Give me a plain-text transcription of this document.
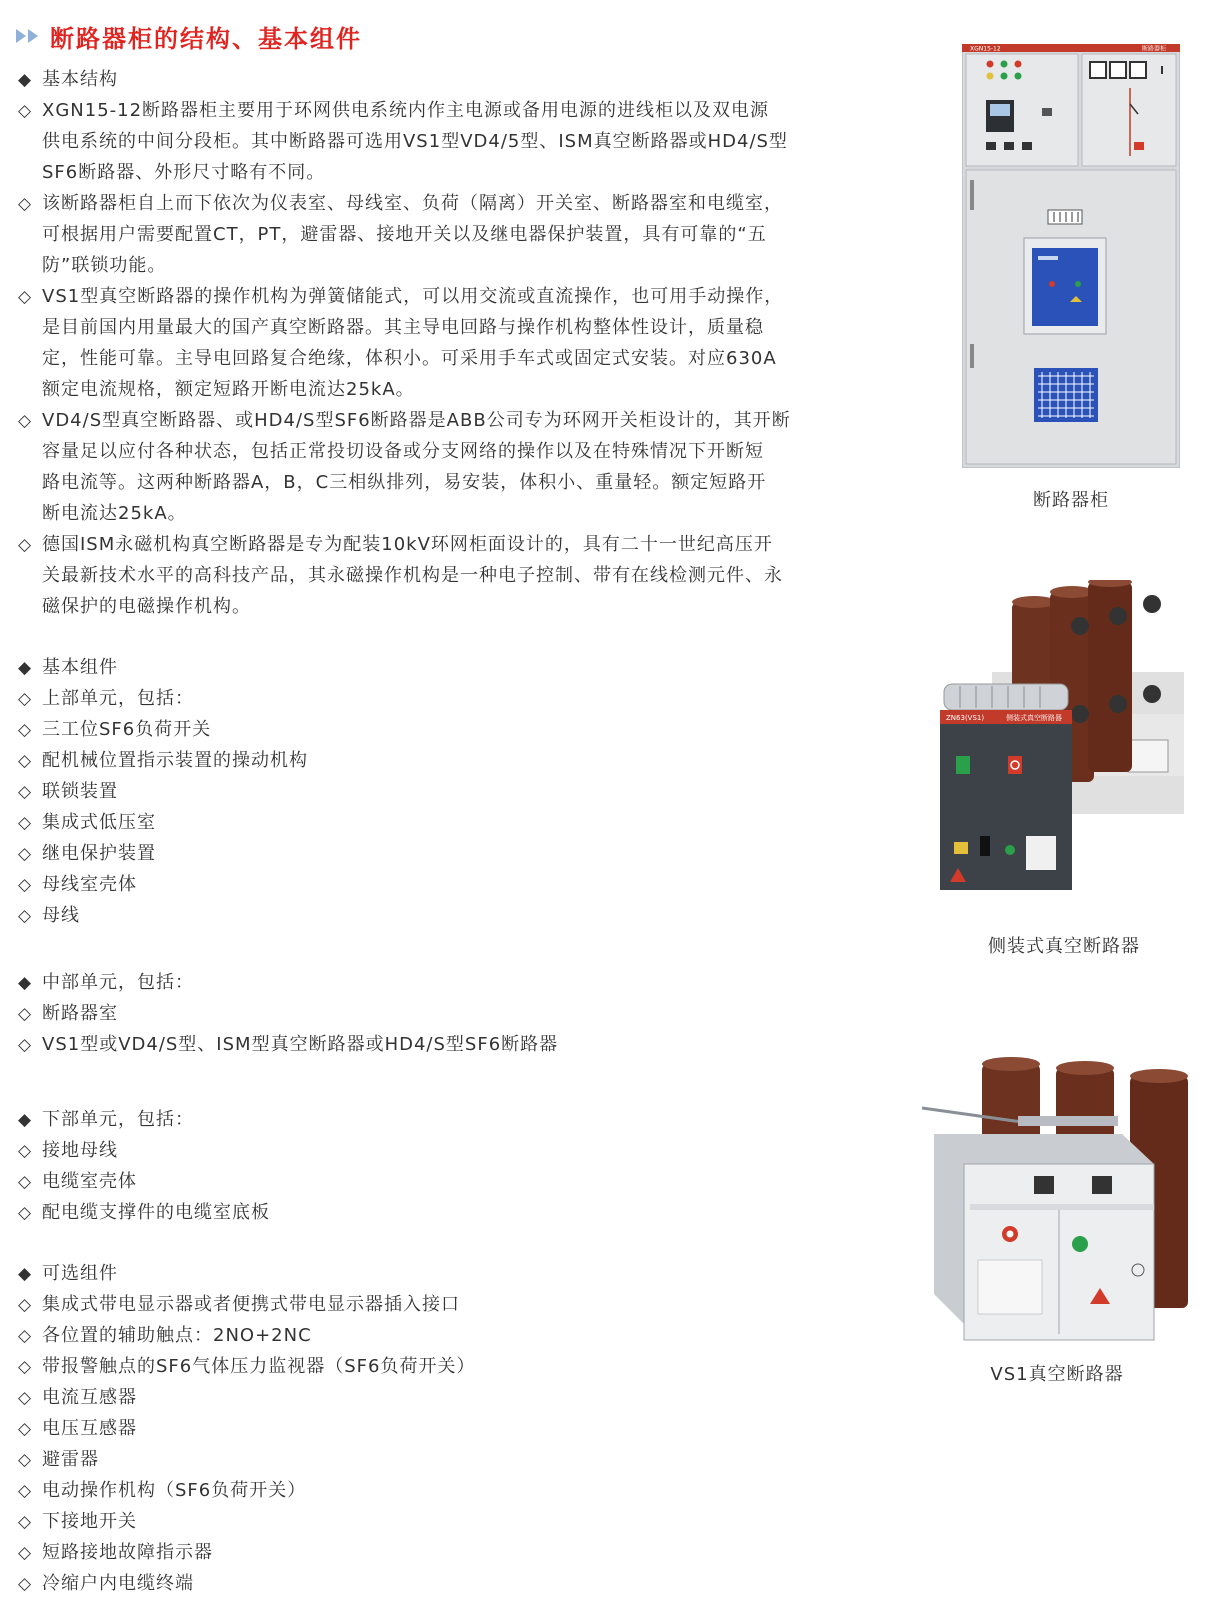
断路器柜的结构、基本组件
◆ 基本结构
◇ XGN15-12断路器柜主要用于环网供电系统内作主电源或备用电源的进线柜以及双电源
供电系统的中间分段柜。其中断路器可选用VS1型VD4/5型、ISM真空断路器或HD4/S型
SF6断路器、外形尺寸略有不同。
◇ 该断路器柜自上而下依次为仪表室、母线室、负荷（隔离）开关室、断路器室和电缆室，
可根据用户需要配置CT，PT，避雷器、接地开关以及继电器保护装置，具有可靠的“五
防”联锁功能。
◇ VS1型真空断路器的操作机构为弹簧储能式，可以用交流或直流操作，也可用手动操作，
是目前国内用量最大的国产真空断路器。其主导电回路与操作机构整体性设计，质量稳
定，性能可靠。主导电回路复合绝缘，体积小。可采用手车式或固定式安装。对应630A
额定电流规格，额定短路开断电流达25kA。
◇ VD4/S型真空断路器、或HD4/S型SF6断路器是ABB公司专为环网开关柜设计的，其开断
容量足以应付各种状态，包括正常投切设备或分支网络的操作以及在特殊情况下开断短
路电流等。这两种断路器A，B，C三相纵排列，易安装，体积小、重量轻。额定短路开
断电流达25kA。
◇ 德国ISM永磁机构真空断路器是专为配装10kV环网柜面设计的，具有二十一世纪高压开
关最新技术水平的高科技产品，其永磁操作机构是一种电子控制、带有在线检测元件、永
磁保护的电磁操作机构。
◆ 基本组件
◇ 上部单元，包括：
◇ 三工位SF6负荷开关
◇ 配机械位置指示装置的操动机构
◇ 联锁装置
◇ 集成式低压室
◇ 继电保护装置
◇ 母线室壳体
◇ 母线
◆ 中部单元，包括：
◇ 断路器室
◇ VS1型或VD4/S型、ISM型真空断路器或HD4/S型SF6断路器
◆ 下部单元，包括：
◇ 接地母线
◇ 电缆室壳体
◇ 配电缆支撑件的电缆室底板
◆ 可选组件
◇ 集成式带电显示器或者便携式带电显示器插入接口
◇ 各位置的辅助触点：2NO+2NC
◇ 带报警触点的SF6气体压力监视器（SF6负荷开关）
◇ 电流互感器
◇ 电压互感器
◇ 避雷器
◇ 电动操作机构（SF6负荷开关）
◇ 下接地开关
◇ 短路接地故障指示器
◇ 冷缩户内电缆终端
XGN15-12	断路器柜
断路器柜
ZN63(VS1)	侧装式真空断路器
侧装式真空断路器
VS1真空断路器
